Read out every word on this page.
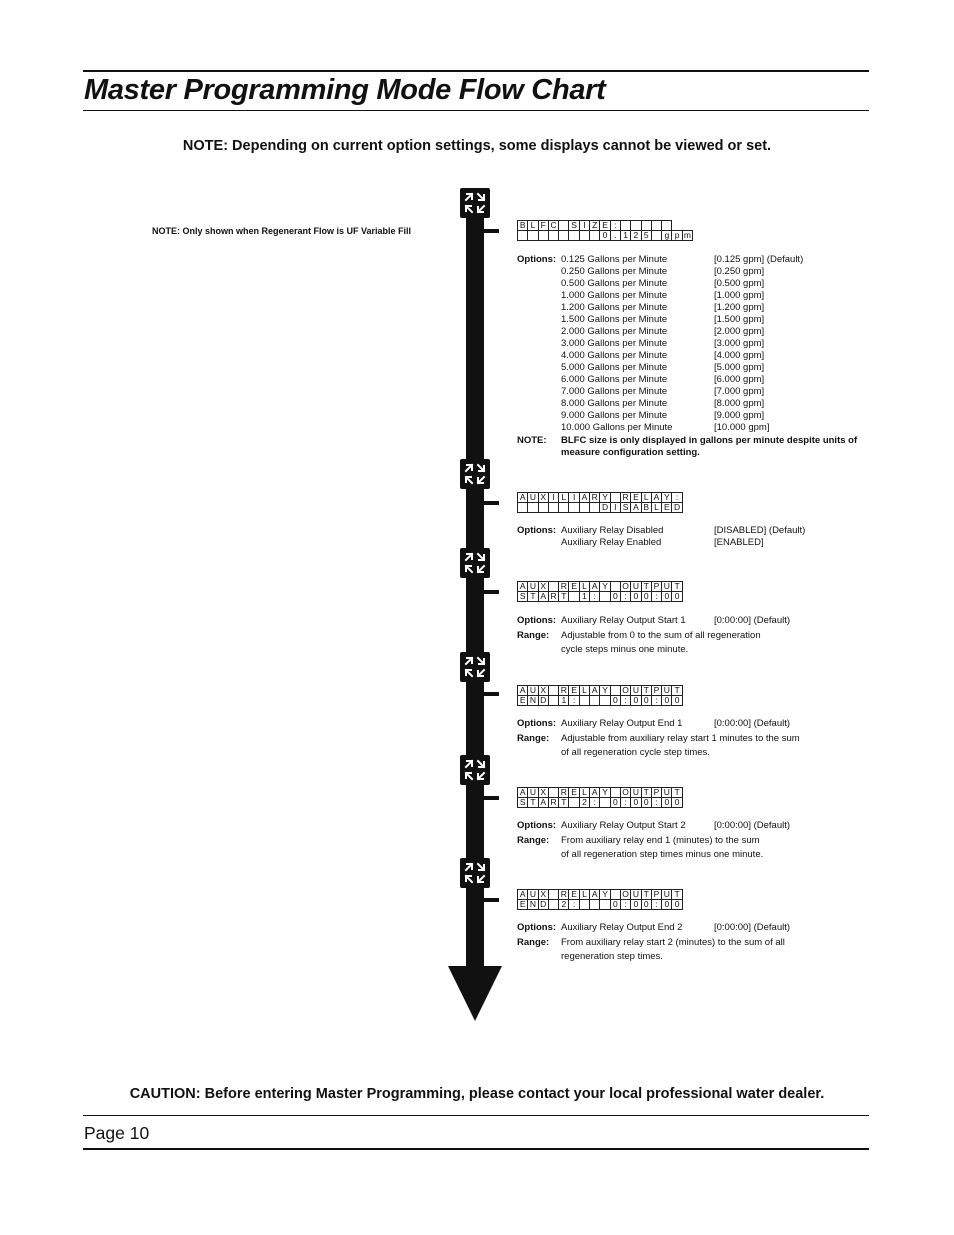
Master Programming Mode Flow Chart
NOTE: Depending on current option settings, some displays cannot be viewed or set.
NOTE: Only shown when Regenerant Flow is UF Variable Fill
B	L	F	C		S	I	Z	E	:							
								0	.	1	2	5		g	p	m
Options: 0.125 Gallons per Minute	[0.125 gpm] (Default)
0.250 Gallons per Minute	[0.250 gpm]
0.500 Gallons per Minute	[0.500 gpm]
1.000 Gallons per Minute	[1.000 gpm]
1.200 Gallons per Minute	[1.200 gpm]
1.500 Gallons per Minute	[1.500 gpm]
2.000 Gallons per Minute	[2.000 gpm]
3.000 Gallons per Minute	[3.000 gpm]
4.000 Gallons per Minute	[4.000 gpm]
5.000 Gallons per Minute	[5.000 gpm]
6.000 Gallons per Minute	[6.000 gpm]
7.000 Gallons per Minute	[7.000 gpm]
8.000 Gallons per Minute	[8.000 gpm]
9.000 Gallons per Minute	[9.000 gpm]
10.000 Gallons per Minute	[10.000 gpm]
NOTE: BLFC size is only displayed in gallons per minute despite units of measure configuration setting.
A	U	X	I	L	I	A	R	Y		R	E	L	A	Y	:
								D	I	S	A	B	L	E	D
Options: Auxiliary Relay Disabled	[DISABLED] (Default)
Auxiliary Relay Enabled	[ENABLED]
A	U	X		R	E	L	A	Y		O	U	T	P	U	T
S	T	A	R	T		1	:		0	:	0	0	:	0	0
Options: Auxiliary Relay Output Start 1	[0:00:00] (Default)
Range: Adjustable from 0 to the sum of all regeneration
cycle steps minus one minute.
A	U	X		R	E	L	A	Y		O	U	T	P	U	T
E	N	D		1	:				0	:	0	0	:	0	0
Options: Auxiliary Relay Output End 1	[0:00:00] (Default)
Range: Adjustable from auxiliary relay start 1 minutes to the sum
of all regeneration cycle step times.
A	U	X		R	E	L	A	Y		O	U	T	P	U	T
S	T	A	R	T		2	:		0	:	0	0	:	0	0
Options: Auxiliary Relay Output Start 2	[0:00:00] (Default)
Range: From auxiliary relay end 1 (minutes) to the sum
of all regeneration step times minus one minute.
A	U	X		R	E	L	A	Y		O	U	T	P	U	T
E	N	D		2	:				0	:	0	0	:	0	0
Options: Auxiliary Relay Output End 2	[0:00:00] (Default)
Range: From auxiliary relay start 2 (minutes) to the sum of all
regeneration step times.
CAUTION: Before entering Master Programming, please contact your local professional water dealer.
Page 10
